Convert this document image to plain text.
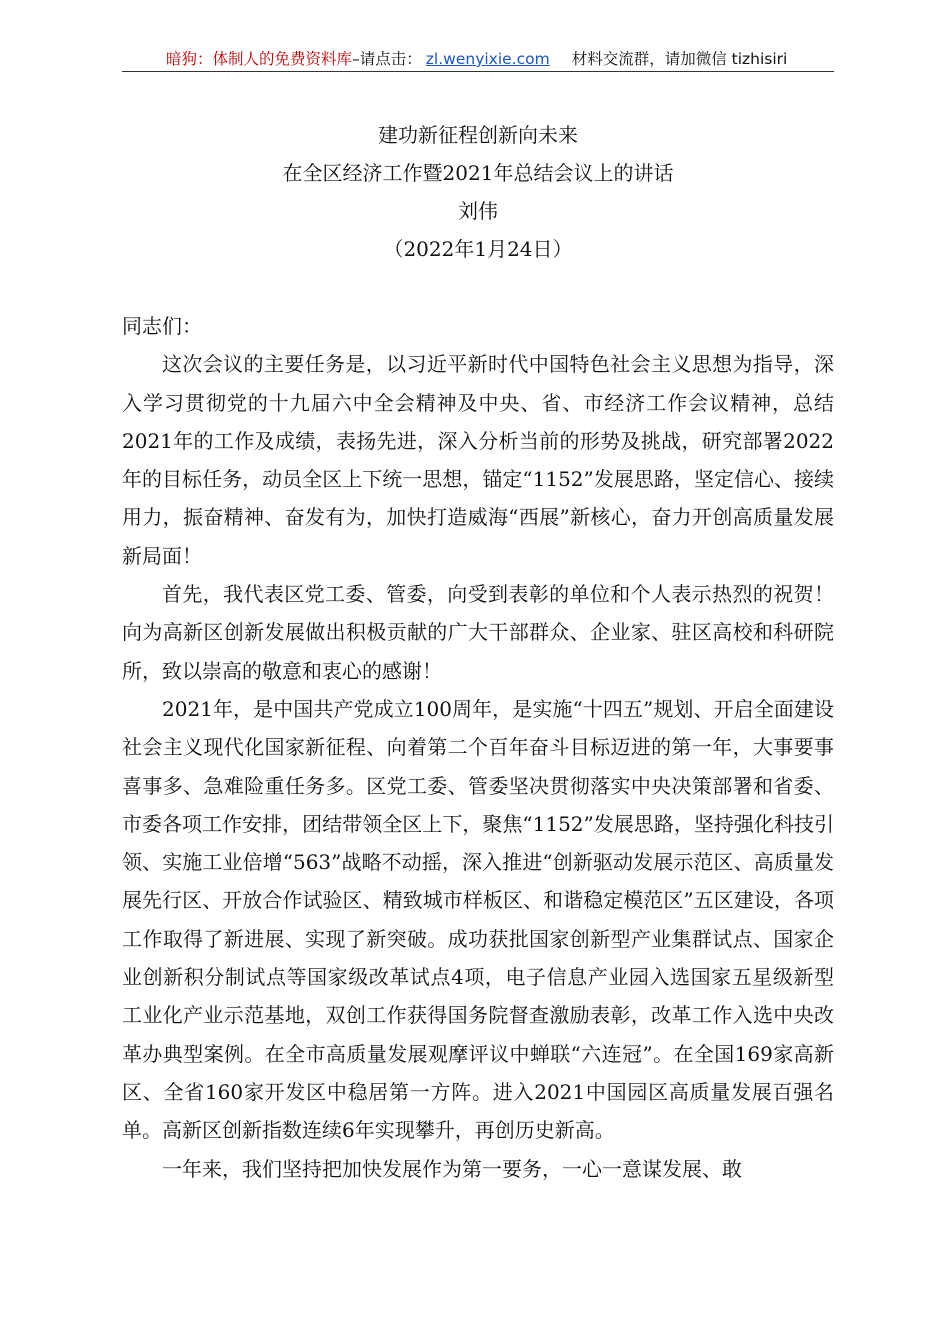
暗狗：体制人的免费资料库–请点击： zl.wenyixie.com 材料交流群，请加微信 tizhisiri
建功新征程创新向未来
在全区经济工作暨2021年总结会议上的讲话
刘伟
（2022年1月24日）

同志们：

这次会议的主要任务是，以习近平新时代中国特色社会主义思想为指导，深入学习贯彻党的十九届六中全会精神及中央、省、市经济工作会议精神，总结2021年的工作及成绩，表扬先进，深入分析当前的形势及挑战，研究部署2022年的目标任务，动员全区上下统一思想，锚定“1152”发展思路，坚定信心、接续用力，振奋精神、奋发有为，加快打造威海“西展”新核心，奋力开创高质量发展新局面！

首先，我代表区党工委、管委，向受到表彰的单位和个人表示热烈的祝贺！向为高新区创新发展做出积极贡献的广大干部群众、企业家、驻区高校和科研院所，致以崇高的敬意和衷心的感谢！

2021年，是中国共产党成立100周年，是实施“十四五”规划、开启全面建设社会主义现代化国家新征程、向着第二个百年奋斗目标迈进的第一年，大事要事喜事多、急难险重任务多。区党工委、管委坚决贯彻落实中央决策部署和省委、市委各项工作安排，团结带领全区上下，聚焦“1152”发展思路，坚持强化科技引领、实施工业倍增“563”战略不动摇，深入推进“创新驱动发展示范区、高质量发展先行区、开放合作试验区、精致城市样板区、和谐稳定模范区”五区建设，各项工作取得了新进展、实现了新突破。成功获批国家创新型产业集群试点、国家企业创新积分制试点等国家级改革试点4项，电子信息产业园入选国家五星级新型工业化产业示范基地，双创工作获得国务院督查激励表彰，改革工作入选中央改革办典型案例。在全市高质量发展观摩评议中蝉联“六连冠”。在全国169家高新区、全省160家开发区中稳居第一方阵。进入2021中国园区高质量发展百强名单。高新区创新指数连续6年实现攀升，再创历史新高。

一年来，我们坚持把加快发展作为第一要务，一心一意谋发展、敢
